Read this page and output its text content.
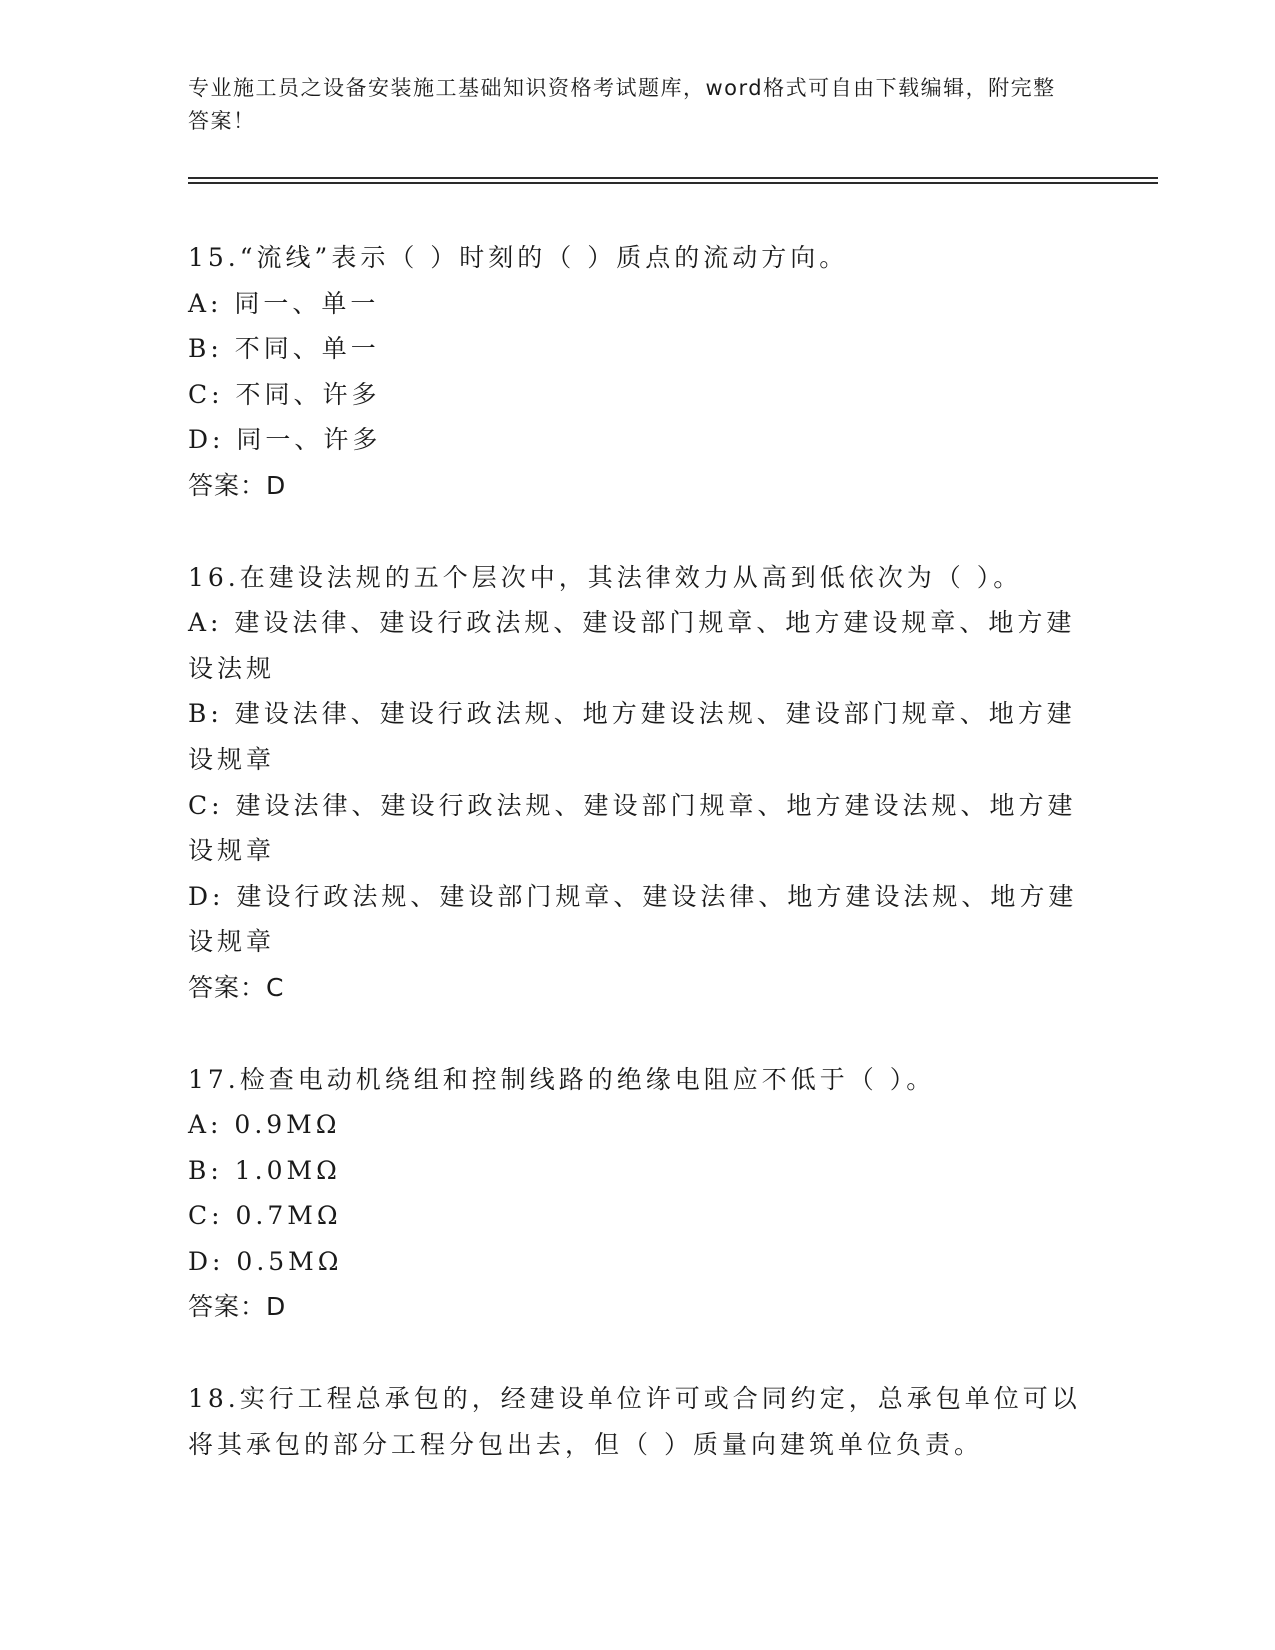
专业施工员之设备安装施工基础知识资格考试题库，word格式可自由下载编辑，附完整答案！
15.“流线”表示（ ）时刻的（ ）质点的流动方向。
A: 同一、单一
B: 不同、单一
C: 不同、许多
D: 同一、许多
答案：D
16.在建设法规的五个层次中，其法律效力从高到低依次为（ ）。
A: 建设法律、建设行政法规、建设部门规章、地方建设规章、地方建设法规
B: 建设法律、建设行政法规、地方建设法规、建设部门规章、地方建设规章
C: 建设法律、建设行政法规、建设部门规章、地方建设法规、地方建设规章
D: 建设行政法规、建设部门规章、建设法律、地方建设法规、地方建设规章
答案：C
17.检查电动机绕组和控制线路的绝缘电阻应不低于（ ）。
A: 0.9MΩ
B: 1.0MΩ
C: 0.7MΩ
D: 0.5MΩ
答案：D
18.实行工程总承包的，经建设单位许可或合同约定，总承包单位可以将其承包的部分工程分包出去，但（ ）质量向建筑单位负责。
